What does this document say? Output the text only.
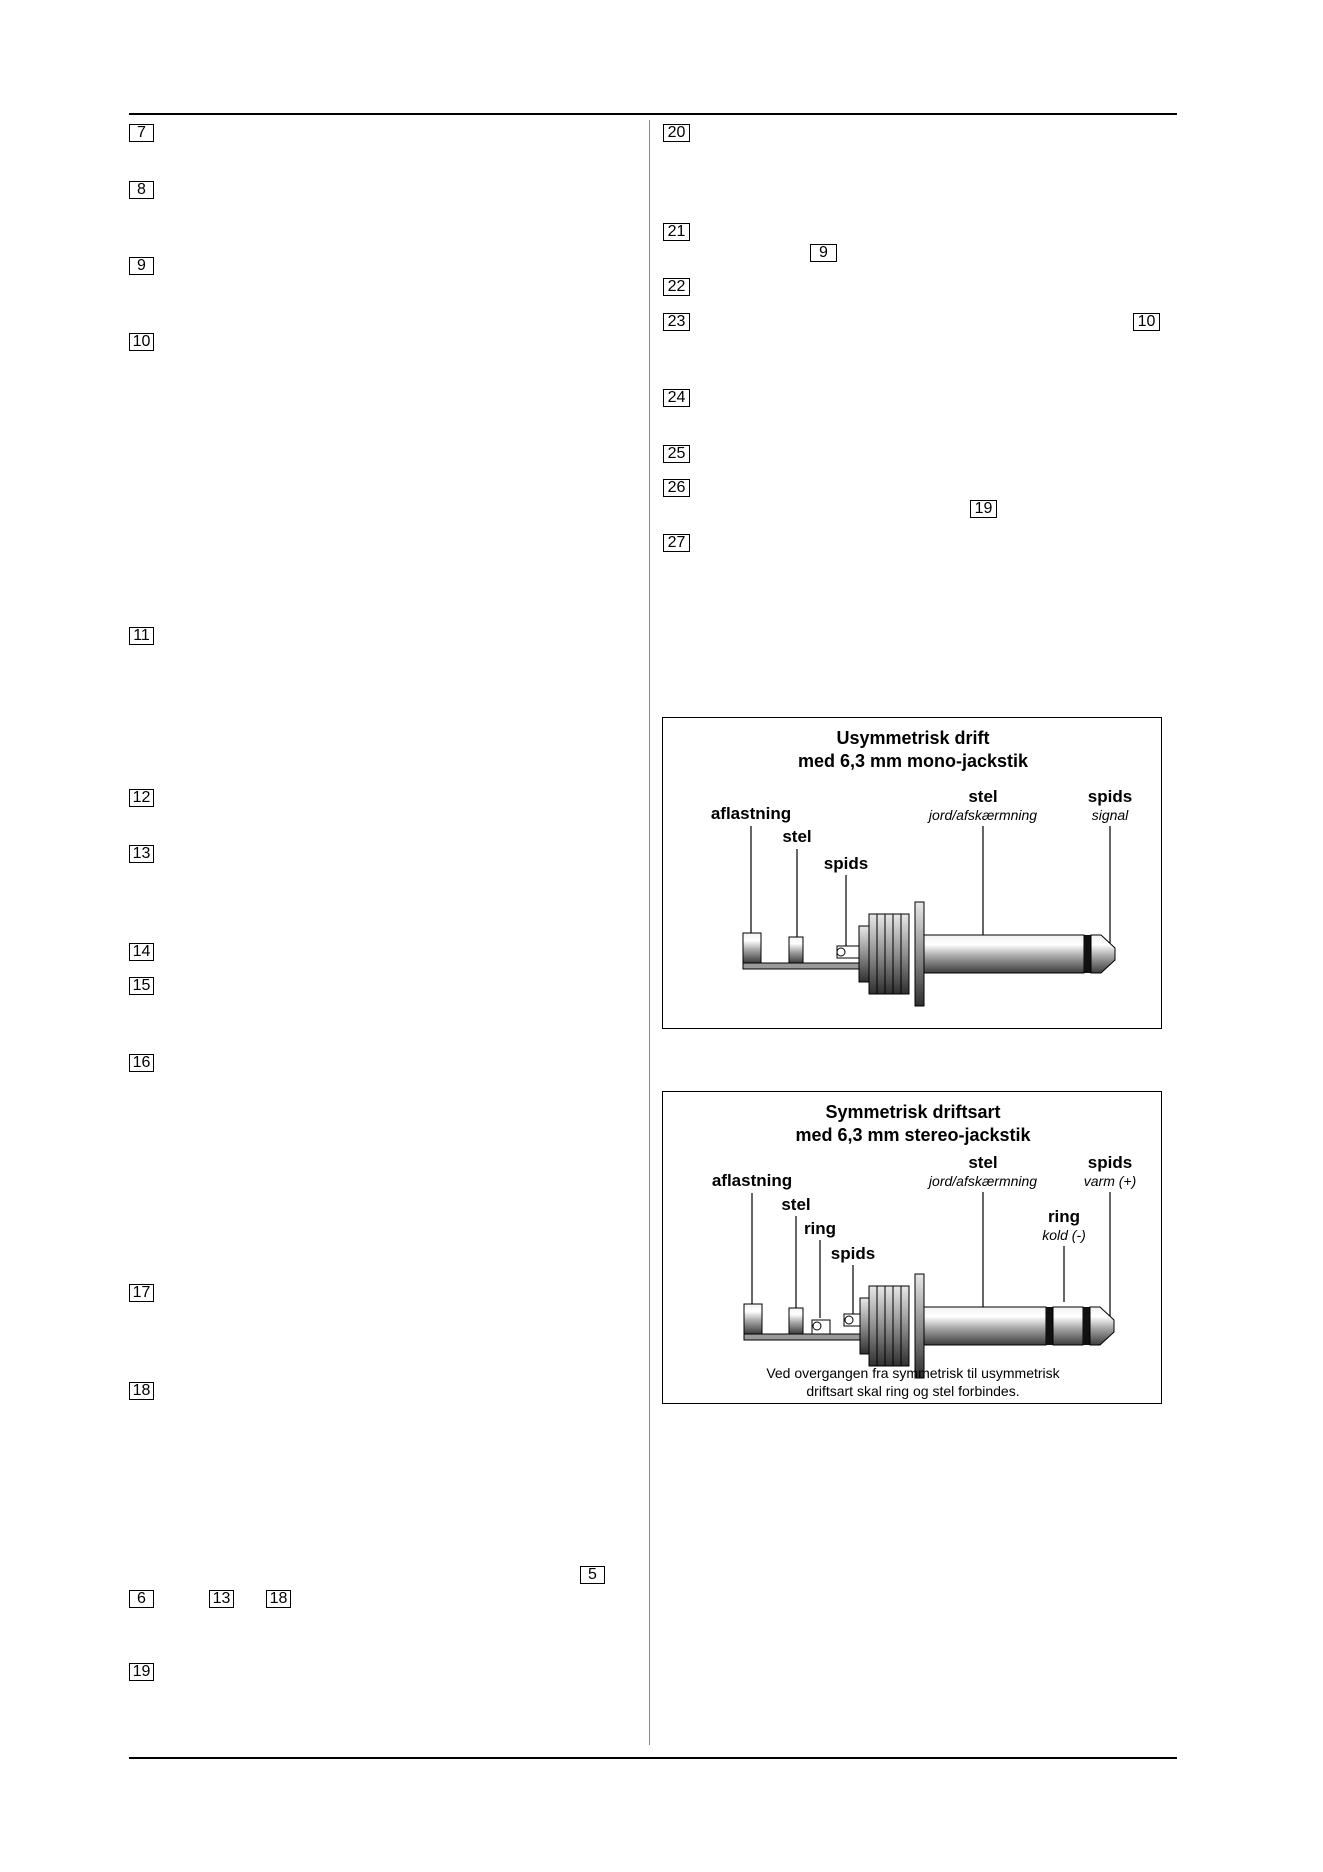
7
8
9
10
11
12
13
14
15
16
17
18
5
6	13 18
19
20
21
9
22
23	10
24
25
26
19
27
Usymmetrisk drift
med 6,3 mm mono-jackstik
aflastning
stel
spids
stel
jord/afskærmning
spids
signal
Symmetrisk driftsart
med 6,3 mm stereo-jackstik
aflastning
stel
ring
spids
stel
jord/afskærmning
spids
varm (+)
ring
kold (-)
Ved overgangen fra symmetrisk til usymmetrisk
driftsart skal ring og stel forbindes.
